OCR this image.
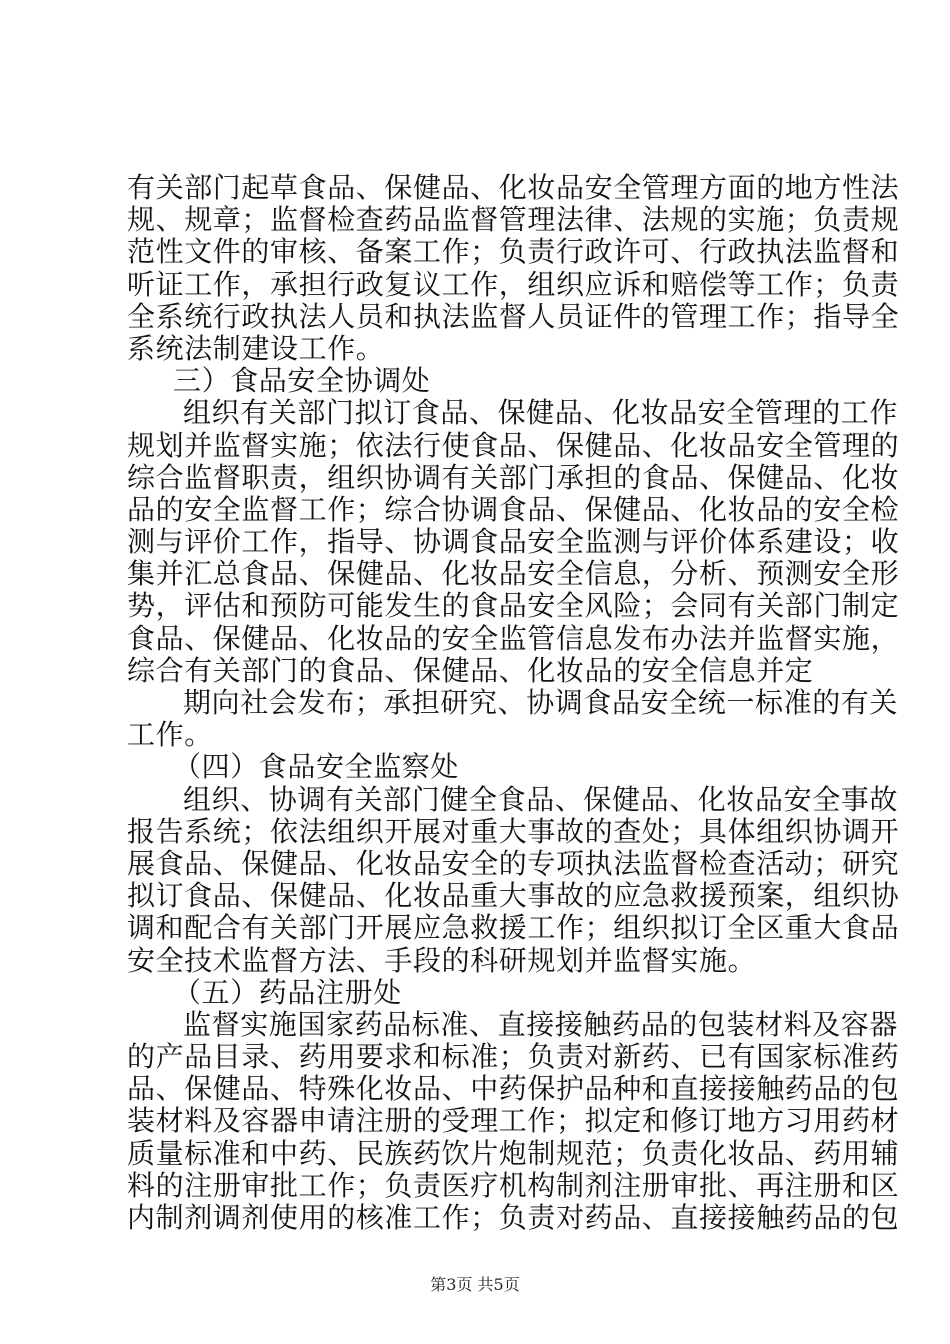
有关部门起草食品、保健品、化妆品安全管理方面的地方性法
规、规章；监督检查药品监督管理法律、法规的实施；负责规
范性文件的审核、备案工作；负责行政许可、行政执法监督和
听证工作，承担行政复议工作，组织应诉和赔偿等工作；负责
全系统行政执法人员和执法监督人员证件的管理工作；指导全
系统法制建设工作。
三）食品安全协调处
组织有关部门拟订食品、保健品、化妆品安全管理的工作
规划并监督实施；依法行使食品、保健品、化妆品安全管理的
综合监督职责，组织协调有关部门承担的食品、保健品、化妆
品的安全监督工作；综合协调食品、保健品、化妆品的安全检
测与评价工作，指导、协调食品安全监测与评价体系建设；收
集并汇总食品、保健品、化妆品安全信息，分析、预测安全形
势，评估和预防可能发生的食品安全风险；会同有关部门制定
食品、保健品、化妆品的安全监管信息发布办法并监督实施，
综合有关部门的食品、保健品、化妆品的安全信息并定
期向社会发布；承担研究、协调食品安全统一标准的有关
工作。
（四）食品安全监察处
组织、协调有关部门健全食品、保健品、化妆品安全事故
报告系统；依法组织开展对重大事故的查处；具体组织协调开
展食品、保健品、化妆品安全的专项执法监督检查活动；研究
拟订食品、保健品、化妆品重大事故的应急救援预案，组织协
调和配合有关部门开展应急救援工作；组织拟订全区重大食品
安全技术监督方法、手段的科研规划并监督实施。
（五）药品注册处
监督实施国家药品标准、直接接触药品的包装材料及容器
的产品目录、药用要求和标准；负责对新药、已有国家标准药
品、保健品、特殊化妆品、中药保护品种和直接接触药品的包
装材料及容器申请注册的受理工作；拟定和修订地方习用药材
质量标准和中药、民族药饮片炮制规范；负责化妆品、药用辅
料的注册审批工作；负责医疗机构制剂注册审批、再注册和区
内制剂调剂使用的核准工作；负责对药品、直接接触药品的包
第3页 共5页
